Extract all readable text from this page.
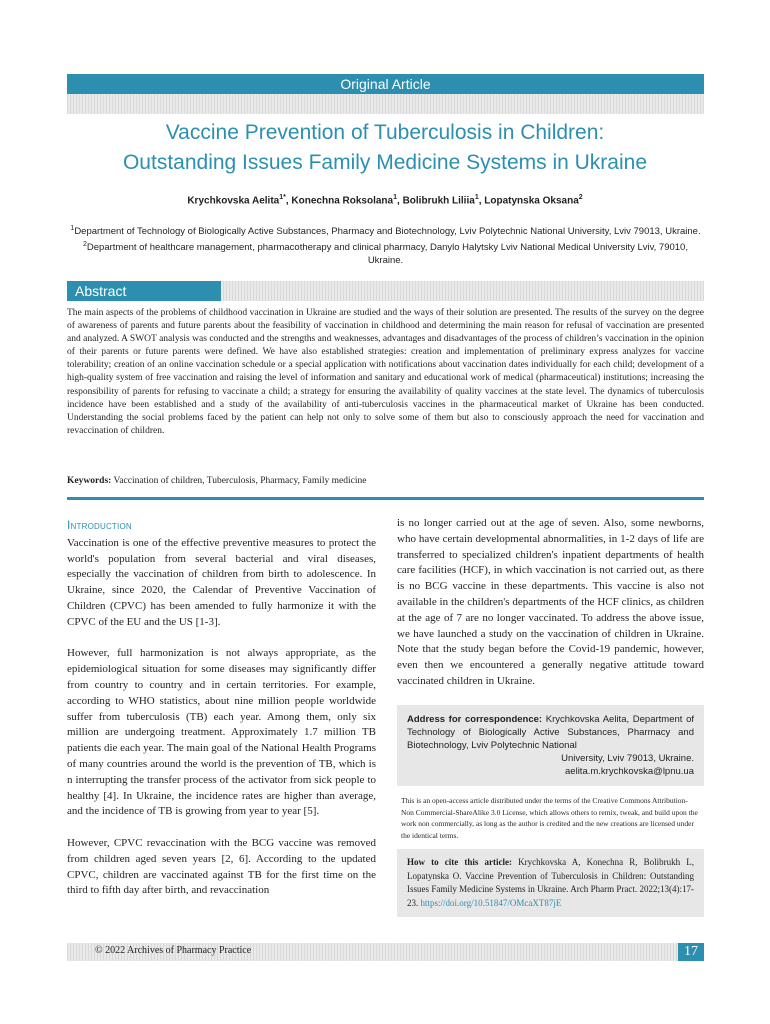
Original Article
Vaccine Prevention of Tuberculosis in Children:
Outstanding Issues Family Medicine Systems in Ukraine
Krychkovska Aelita$^{1*}$, Konechna Roksolana$^1$, Bolibrukh Liliia$^1$, Lopatynska Oksana$^2$
$^1$Department of Technology of Biologically Active Substances, Pharmacy and Biotechnology, Lviv Polytechnic National University, Lviv 79013, Ukraine. $^2$Department of healthcare management, pharmacotherapy and clinical pharmacy, Danylo Halytsky Lviv National Medical University Lviv, 79010, Ukraine.
Abstract

The main aspects of the problems of childhood vaccination in Ukraine are studied and the ways of their solution are presented. The results of the survey on the degree of awareness of parents and future parents about the feasibility of vaccination in childhood and determining the main reason for refusal of vaccination are presented and analyzed. A SWOT analysis was conducted and the strengths and weaknesses, advantages and disadvantages of the process of children’s vaccination in the opinion of their parents or future parents were defined. We have also established strategies: creation and implementation of preliminary express analyzes for vaccine tolerability; creation of an online vaccination schedule or a special application with notifications about vaccination dates individually for each child; development of a high-quality system of free vaccination and raising the level of information and sanitary and educational work of medical (pharmaceutical) institutions; increasing the responsibility of parents for refusing to vaccinate a child; a strategy for ensuring the availability of quality vaccines at the state level. The dynamics of tuberculosis incidence have been established and a study of the availability of anti-tuberculosis vaccines in the pharmaceutical market of Ukraine has been conducted. Understanding the social problems faced by the patient can help not only to solve some of them but also to consciously approach the need for vaccination and revaccination of children.

Keywords: Vaccination of children, Tuberculosis, Pharmacy, Family medicine
Introduction

Vaccination is one of the effective preventive measures to protect the world's population from several bacterial and viral diseases, especially the vaccination of children from birth to adolescence. In Ukraine, since 2020, the Calendar of Preventive Vaccination of Children (CPVC) has been amended to fully harmonize it with the CPVC of the EU and the US [1-3].

However, full harmonization is not always appropriate, as the epidemiological situation for some diseases may significantly differ from country to country and in certain territories. For example, according to WHO statistics, about nine million people worldwide suffer from tuberculosis (TB) each year. Among them, only six million are undergoing treatment. Approximately 1.7 million TB patients die each year. The main goal of the National Health Programs of many countries around the world is the prevention of TB, which is n interrupting the transfer process of the activator from sick people to healthy [4]. In Ukraine, the incidence rates are higher than average, and the incidence of TB is growing from year to year [5].

However, CPVC revaccination with the BCG vaccine was removed from children aged seven years [2, 6]. According to the updated CPVC, children are vaccinated against TB for the first time on the third to fifth day after birth, and revaccination

is no longer carried out at the age of seven. Also, some newborns, who have certain developmental abnormalities, in 1-2 days of life are transferred to specialized children's inpatient departments of health care facilities (HCF), in which vaccination is not carried out, as there is no BCG vaccine in these departments. This vaccine is also not available in the children's departments of the HCF clinics, as children at the age of 7 are no longer vaccinated. To address the above issue, we have launched a study on the vaccination of children in Ukraine. Note that the study began before the Covid-19 pandemic, however, even then we encountered a generally negative attitude toward vaccinated children in Ukraine.

Address for correspondence: Krychkovska Aelita, Department of Technology of Biologically Active Substances, Pharmacy and Biotechnology, Lviv Polytechnic National
University, Lviv 79013, Ukraine.
aelita.m.krychkovska@lpnu.ua
This is an open-access article distributed under the terms of the Creative Commons Attribution-Non Commercial-ShareAlike 3.0 License, which allows others to remix, tweak, and build upon the work non commercially, as long as the author is credited and the new creations are licensed under the identical terms.
How to cite this article: Krychkovska A, Konechna R, Bolibrukh L, Lopatynska O. Vaccine Prevention of Tuberculosis in Children: Outstanding Issues Family Medicine Systems in Ukraine. Arch Pharm Pract. 2022;13(4):17-23. https://doi.org/10.51847/OMcaXT87jE
© 2022 Archives of Pharmacy Practice	17
